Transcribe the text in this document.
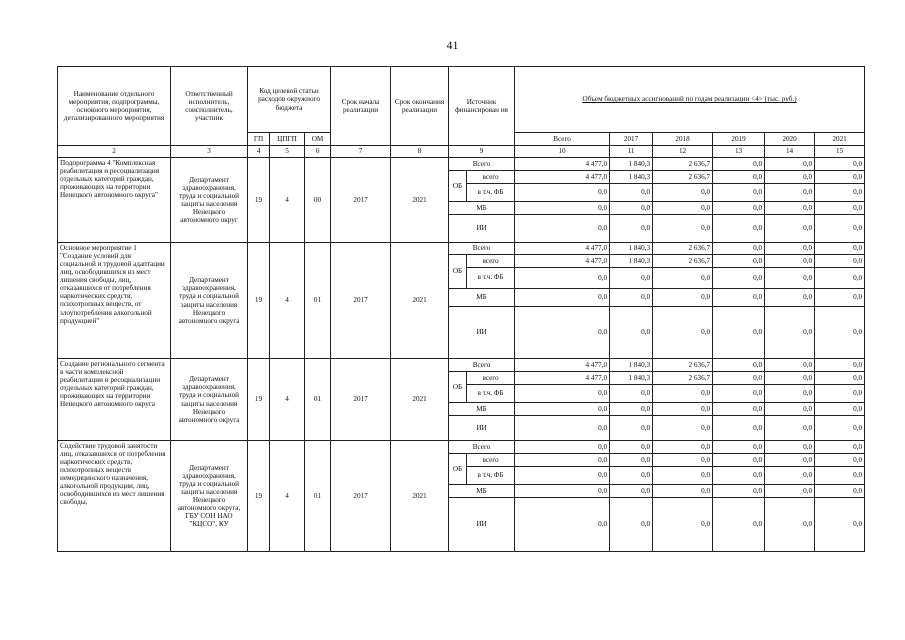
41
Наименование отдельного мероприятия, подпрограммы, основного мероприятия, детализированного мероприятия	Ответственный исполнитель, соисполнитель, участник	Код целевой статьи расходов окружного бюджета			Срок начала реализации	Срок окончания реализации	Источник финансирован ия		Объем бюджетных ассигнований по годам реализации <4> (тыс. руб.)					
		ГП	ЦПГП	ОМ					Всего	2017	2018	2019	2020	2021
2	3	4	5	6	7	8	9		10	11	12	13	14	15
Подпрограмма 4 "Комплексная реабилитация и ресоциализация отдельных категорий граждан, проживающих на территории Ненецкого автономного округа"	Департамент здравоохранения, труда и социальной защиты населения Ненецкого автономного округ	19	4	00	2017	2021	Всего		4 477,0	1 840,3	2 636,7	0,0	0,0	0,0
							ОБ	всего	4 477,0	1 840,3	2 636,7	0,0	0,0	0,0
								в т.ч. ФБ	0,0	0,0	0,0	0,0	0,0	0,0
							МБ		0,0	0,0	0,0	0,0	0,0	0,0
							ИИ		0,0	0,0	0,0	0,0	0,0	0,0
Основное мероприятие 1 "Создание условий для социальной и трудовой адаптации лиц, освободившихся из мест лишения свободы, лиц, отказавшихся от потребления наркотических средств, психотропных веществ, от злоупотребления алкогольной продукцией"	Департамент здравоохранения, труда и социальной защиты населения Ненецкого автономного округа	19	4	01	2017	2021	Всего		4 477,0	1 840,3	2 636,7	0,0	0,0	0,0
							ОБ	всего	4 477,0	1 840,3	2 636,7	0,0	0,0	0,0
								в т.ч. ФБ	0,0	0,0	0,0	0,0	0,0	0,0
							МБ		0,0	0,0	0,0	0,0	0,0	0,0
							ИИ		0,0	0,0	0,0	0,0	0,0	0,0
Создание регионального сегмента в части комплексной реабилитации и ресоциализации отдельных категорий граждан, проживающих на территории Ненецкого автономного округа	Департамент здравоохранения, труда и социальной защиты населения Ненецкого автономного округа	19	4	01	2017	2021	Всего		4 477,0	1 840,3	2 636,7	0,0	0,0	0,0
							ОБ	всего	4 477,0	1 840,3	2 636,7	0,0	0,0	0,0
								в т.ч. ФБ	0,0	0,0	0,0	0,0	0,0	0,0
							МБ		0,0	0,0	0,0	0,0	0,0	0,0
							ИИ		0,0	0,0	0,0	0,0	0,0	0,0
Содействие трудовой занятости лиц, отказавшихся от потребления наркотических средств, психотропных веществ немедицинского назначения, алкогольной продукции, лиц, освободившихся из мест лишения свободы,	Департамент здравоохранения, труда и социальной защиты населения Ненецкого автономного округа, ГБУ СОН НАО "КЦСО", КУ	19	4	01	2017	2021	Всего		0,0	0,0	0,0	0,0	0,0	0,0
							ОБ	всего	0,0	0,0	0,0	0,0	0,0	0,0
								в т.ч. ФБ	0,0	0,0	0,0	0,0	0,0	0,0
							МБ		0,0	0,0	0,0	0,0	0,0	0,0
							ИИ		0,0	0,0	0,0	0,0	0,0	0,0
